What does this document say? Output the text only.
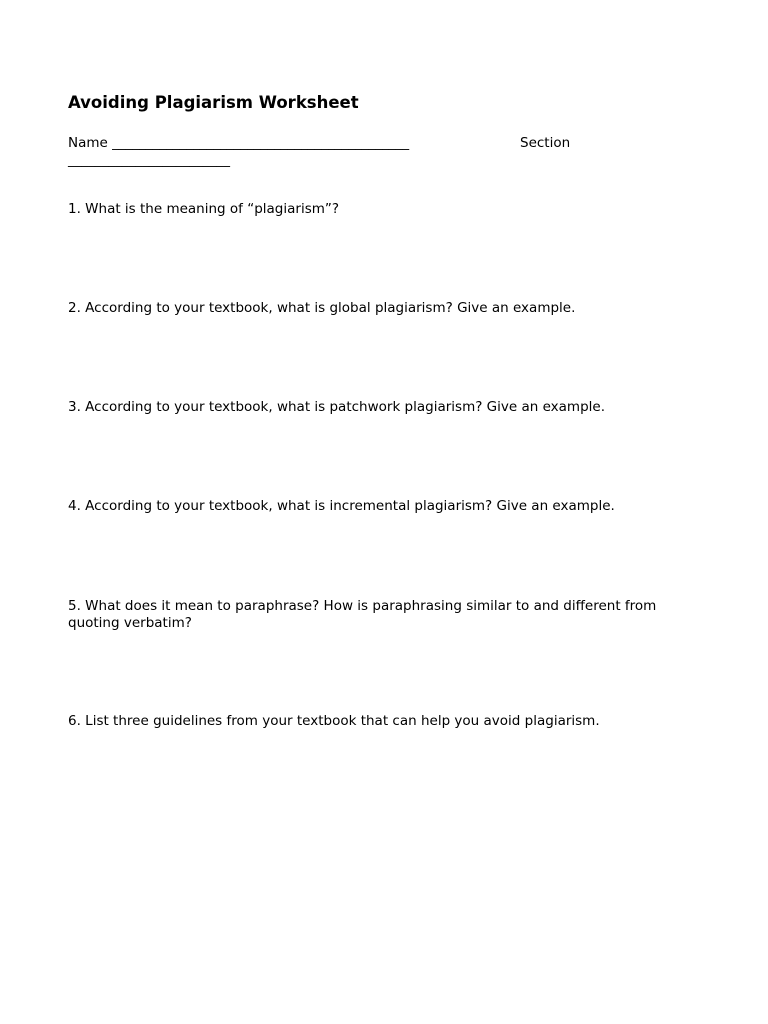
Avoiding Plagiarism Worksheet
Name ____________________________________________	Section
________________________
1. What is the meaning of “plagiarism”?
2. According to your textbook, what is global plagiarism? Give an example.
3. According to your textbook, what is patchwork plagiarism? Give an example.
4. According to your textbook, what is incremental plagiarism? Give an example.
5. What does it mean to paraphrase? How is paraphrasing similar to and different from quoting verbatim?
6. List three guidelines from your textbook that can help you avoid plagiarism.
